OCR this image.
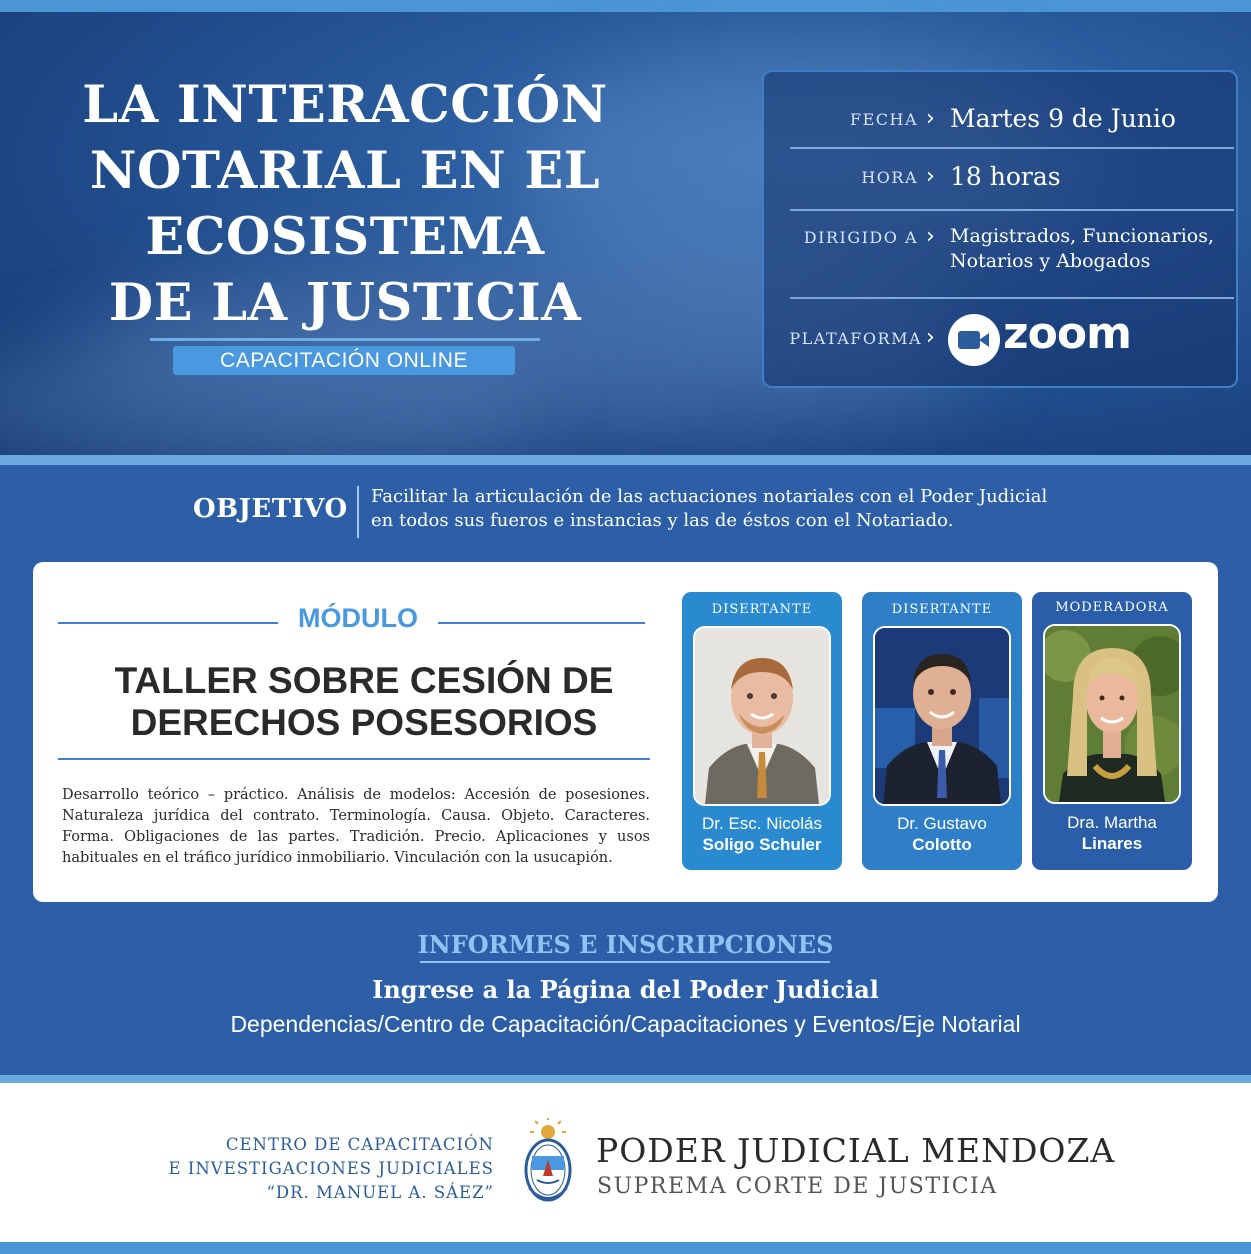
LA INTERACCIÓN
NOTARIAL EN EL
ECOSISTEMA
DE LA JUSTICIA
CAPACITACIÓN ONLINE
FECHA › Martes 9 de Junio
HORA › 18 horas
DIRIGIDO A › Magistrados, Funcionarios,
Notarios y Abogados
PLATAFORMA › zoom
OBJETIVO Facilitar la articulación de las actuaciones notariales con el Poder Judicial
en todos sus fueros e instancias y las de éstos con el Notariado.
MÓDULO
TALLER SOBRE CESIÓN DE
DERECHOS POSESORIOS
Desarrollo teórico – práctico. Análisis de modelos: Accesión de posesiones. Naturaleza jurídica del contrato. Terminología. Causa. Objeto. Caracteres. Forma. Obligaciones de las partes. Tradición. Precio. Aplicaciones y usos habituales en el tráfico jurídico inmobiliario. Vinculación con la usucapión.
DISERTANTE
Dr. Esc. Nicolás
Soligo Schuler
DISERTANTE
Dr. Gustavo
Colotto
MODERADORA
Dra. Martha
Linares
INFORMES E INSCRIPCIONES
Ingrese a la Página del Poder Judicial
Dependencias/Centro de Capacitación/Capacitaciones y Eventos/Eje Notarial
CENTRO DE CAPACITACIÓN
E INVESTIGACIONES JUDICIALES
“DR. MANUEL A. SÁEZ”
PODER JUDICIAL MENDOZA
SUPREMA CORTE DE JUSTICIA
